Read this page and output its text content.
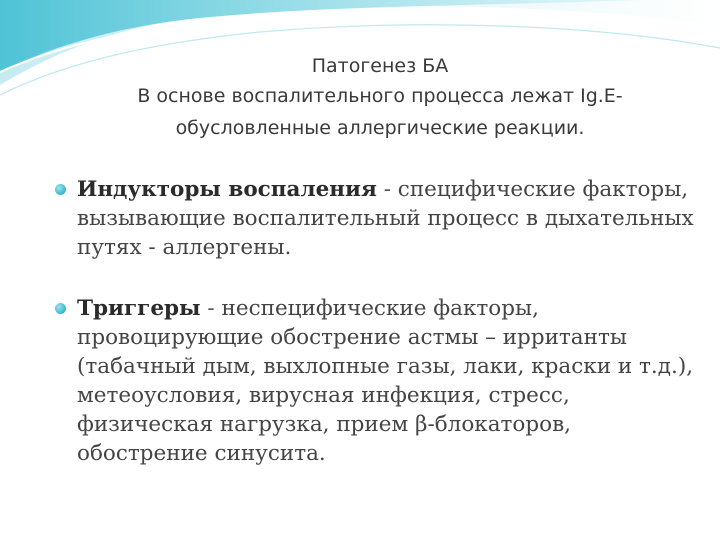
Патогенез БА
В основе воспалительного процесса лежат Ig.E-
обусловленные аллергические реакции.
Индукторы воспаления - специфические факторы, вызывающие воспалительный процесс в дыхательных путях - аллергены.
Триггеры - неспецифические факторы, провоцирующие обострение астмы – ирританты (табачный дым, выхлопные газы, лаки, краски и т.д.), метеоусловия, вирусная инфекция, стресс, физическая нагрузка, прием β-блокаторов, обострение синусита.
